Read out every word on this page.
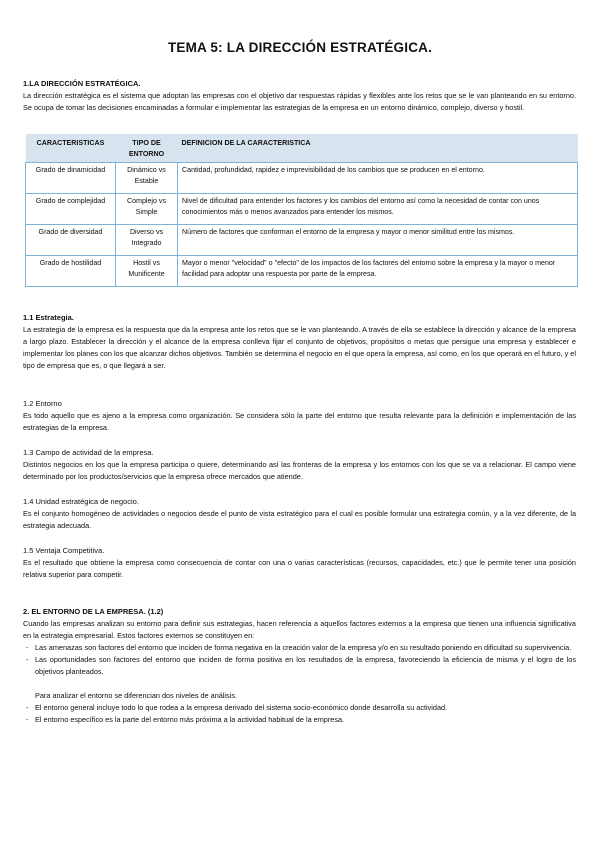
TEMA 5: LA DIRECCIÓN ESTRATÉGICA.

1.LA DIRECCIÓN ESTRATÉGICA.

La dirección estratégica es el sistema que adoptan las empresas con el objetivo dar respuestas rápidas y flexibles ante los retos que se le van planteando en su entorno. Se ocupa de tomar las decisiones encaminadas a formular e implementar las estrategias de la empresa en un entorno dinámico, complejo, diverso y hostil.

CARACTERISTICAS	TIPO DE ENTORNO	DEFINICION DE LA CARACTERISTICA
Grado de dinamicidad	Dinámico vs Estable	Cantidad, profundidad, rapidez e imprevisibilidad de los cambios que se producen en el entorno.
Grado de complejidad	Complejo vs Simple	Nivel de dificultad para entender los factores y los cambios del entorno así como la necesidad de contar con unos conocimientos más o menos avanzados para entender los mismos.
Grado de diversidad	Diverso vs Integrado	Número de factores que conforman el entorno de la empresa y mayor o menor similitud entre los mismos.
Grado de hostilidad	Hostil vs Munificente	Mayor o menor "velocidad" o "efecto" de los impactos de los factores del entorno sobre la empresa y la mayor o menor facilidad para adoptar una respuesta por parte de la empresa.

1.1 Estrategia.

La estrategia de la empresa es la respuesta que da la empresa ante los retos que se le van planteando. A través de ella se establece la dirección y alcance de la empresa a largo plazo. Establecer la dirección y el alcance de la empresa conlleva fijar el conjunto de objetivos, propósitos o metas que persigue una empresa y establecer e implementar los planes con los que alcanzar dichos objetivos. También se determina el negocio en el que opera la empresa, así como, en los que operará en el futuro, y el tipo de empresa que es, o que llegará a ser.

1.2 Entorno

Es todo aquello que es ajeno a la empresa como organización. Se considera sólo la parte del entorno que resulta relevante para la definición e implementación de las estrategias de la empresa.

1.3 Campo de actividad de la empresa.

Distintos negocios en los que la empresa participa o quiere, determinando así las fronteras de la empresa y los entornos con los que se va a relacionar. El campo viene determinado por los productos/servicios que la empresa ofrece mercados que atiende.

1.4 Unidad estratégica de negocio.

Es el conjunto homogéneo de actividades o negocios desde el punto de vista estratégico para el cual es posible formular una estrategia común, y a la vez diferente, de la estrategia adecuada.

1.5 Ventaja Competitiva.

Es el resultado que obtiene la empresa como consecuencia de contar con una o varias características (recursos, capacidades, etc.) que le permite tener una posición relativa superior para competir.

2. EL ENTORNO DE LA EMPRESA. (1.2)

Cuando las empresas analizan su entorno para definir sus estrategias, hacen referencia a aquellos factores externos a la empresa que tienen una influencia significativa en la estrategia empresarial. Estos factores externos se constituyen en:

- Las amenazas son factores del entorno que inciden de forma negativa en la creación valor de la empresa y/o en su resultado poniendo en dificultad su supervivencia.
- Las oportunidades son factores del entorno que inciden de forma positiva en los resultados de la empresa, favoreciendo la eficiencia de misma y el logro de los objetivos planteados.

Para analizar el entorno se diferencian dos niveles de análisis.

- El entorno general incluye todo lo que rodea a la empresa derivado del sistema socio-económico donde desarrolla su actividad.
- El entorno específico es la parte del entorno más próxima a la actividad habitual de la empresa.
